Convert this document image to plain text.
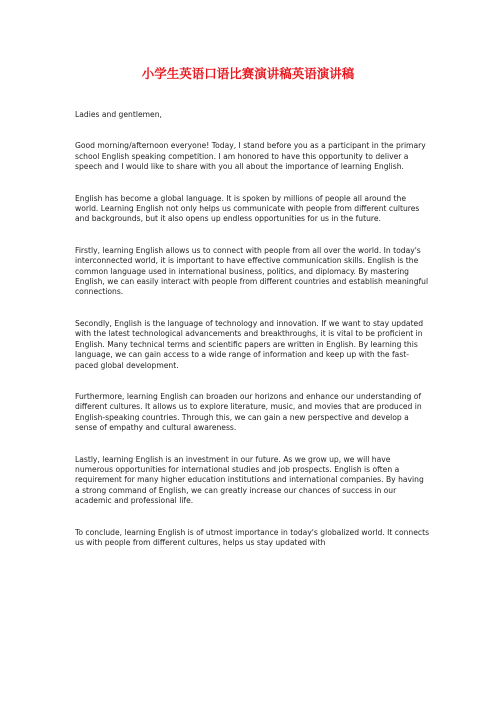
小学生英语口语比赛演讲稿英语演讲稿

Ladies and gentlemen,

Good morning/afternoon everyone! Today, I stand before you as a participant in the primary school English speaking competition. I am honored to have this opportunity to deliver a speech and I would like to share with you all about the importance of learning English.

English has become a global language. It is spoken by millions of people all around the world. Learning English not only helps us communicate with people from different cultures and backgrounds, but it also opens up endless opportunities for us in the future.

Firstly, learning English allows us to connect with people from all over the world. In today's interconnected world, it is important to have effective communication skills. English is the common language used in international business, politics, and diplomacy. By mastering English, we can easily interact with people from different countries and establish meaningful connections.

Secondly, English is the language of technology and innovation. If we want to stay updated with the latest technological advancements and breakthroughs, it is vital to be proficient in English. Many technical terms and scientific papers are written in English. By learning this language, we can gain access to a wide range of information and keep up with the fast-paced global development.

Furthermore, learning English can broaden our horizons and enhance our understanding of different cultures. It allows us to explore literature, music, and movies that are produced in English-speaking countries. Through this, we can gain a new perspective and develop a sense of empathy and cultural awareness.

Lastly, learning English is an investment in our future. As we grow up, we will have numerous opportunities for international studies and job prospects. English is often a requirement for many higher education institutions and international companies. By having a strong command of English, we can greatly increase our chances of success in our academic and professional life.

To conclude, learning English is of utmost importance in today's globalized world. It connects us with people from different cultures, helps us stay updated with
